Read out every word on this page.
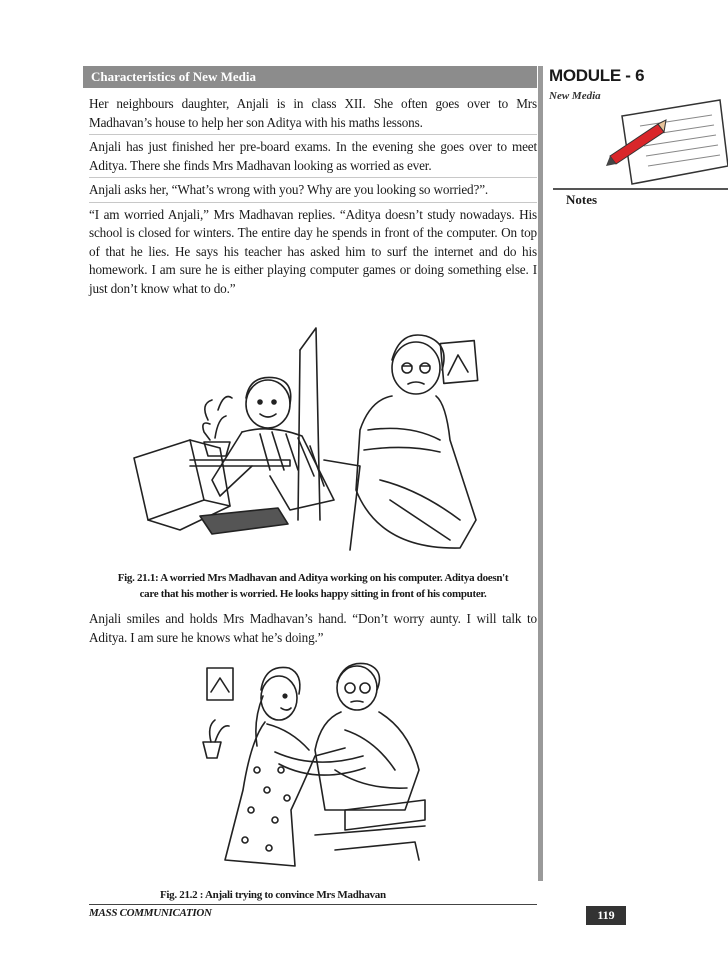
Characteristics of New Media

Her neighbours daughter, Anjali is in class XII. She often goes over to Mrs Madhavan’s house to help her son Aditya with his maths lessons.

Anjali has just finished her pre-board exams. In the evening she goes over to meet Aditya. There she finds Mrs Madhavan looking as worried as ever.

Anjali asks her, “What’s wrong with you? Why are you looking so worried?”.

“I am worried Anjali,” Mrs Madhavan replies. “Aditya doesn’t study nowadays. His school is closed for winters. The entire day he spends in front of the computer. On top of that he lies. He says his teacher has asked him to surf the internet and do his homework. I am sure he is either playing computer games or doing something else. I just don’t know what to do.”

MODULE - 6
New Media
Notes
Fig. 21.1: A worried Mrs Madhavan and Aditya working on his computer. Aditya doesn't
care that his mother is worried. He looks happy sitting in front of his computer.

Anjali smiles and holds Mrs Madhavan’s hand. “Don’t worry aunty. I will talk to Aditya. I am sure he knows what he’s doing.”

Fig. 21.2 : Anjali trying to convince Mrs Madhavan
MASS COMMUNICATION	119
